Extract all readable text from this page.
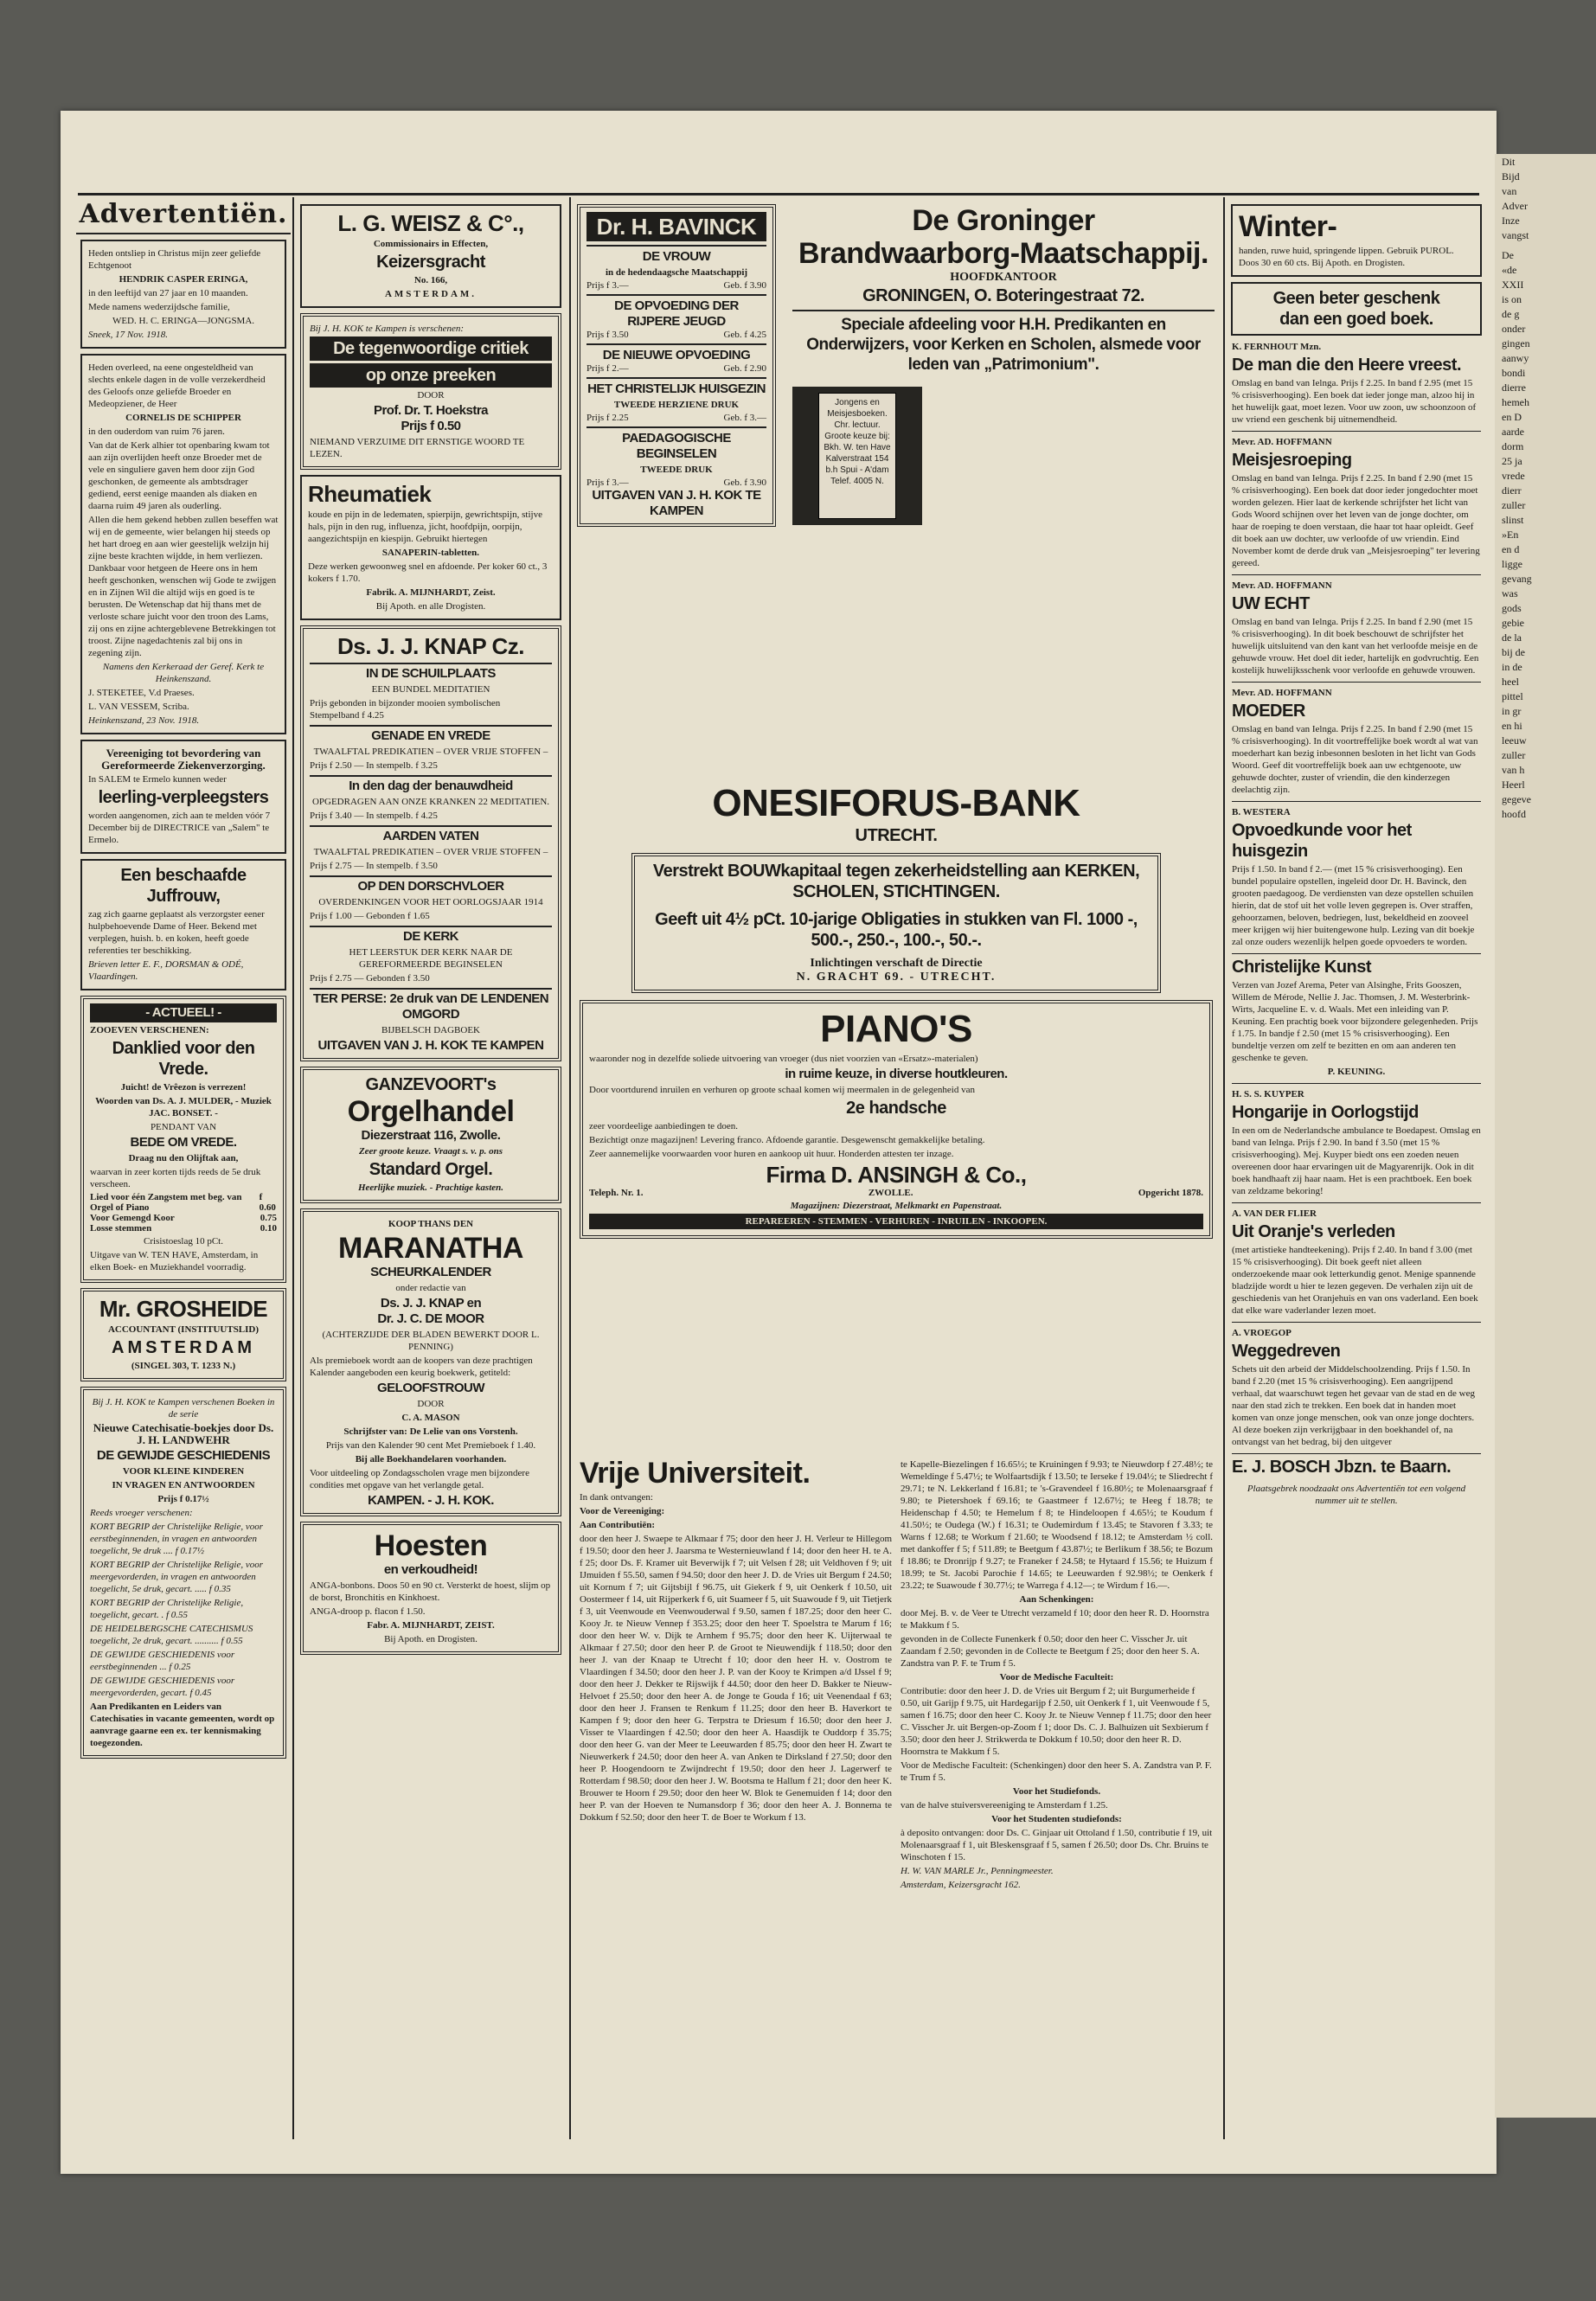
Advertentiën.
Heden ontsliep in Christus mijn zeer geliefde Echtgenoot
HENDRIK CASPER ERINGA,
in den leeftijd van 27 jaar en 10 maanden.
Mede namens wederzijdsche familie,
WED. H. C. ERINGA—JONGSMA.
Sneek, 17 Nov. 1918.
Heden overleed, na eene ongesteldheid van slechts enkele dagen in de volle verzekerdheid des Geloofs onze geliefde Broeder en Medeopziener, de Heer
CORNELIS DE SCHIPPER
in den ouderdom van ruim 76 jaren.
Van dat de Kerk alhier tot openbaring kwam tot aan zijn overlijden heeft onze Broeder met de vele en singuliere gaven hem door zijn God geschonken, de gemeente als ambtsdrager gediend, eerst eenige maanden als diaken en daarna ruim 49 jaren als ouderling.
Allen die hem gekend hebben zullen beseffen wat wij en de gemeente, wier belangen hij steeds op het hart droeg en aan wier geestelijk welzijn hij zijne beste krachten wijdde, in hem verliezen. Dankbaar voor hetgeen de Heere ons in hem heeft geschonken, wenschen wij Gode te zwijgen en in Zijnen Wil die altijd wijs en goed is te berusten. De Wetenschap dat hij thans met de verloste schare juicht voor den troon des Lams, zij ons en zijne achtergeblevene Betrekkingen tot troost. Zijne nagedachtenis zal bij ons in zegening zijn.
Namens den Kerkeraad der Geref. Kerk te Heinkenszand.
J. STEKETEE, V.d Praeses.
L. VAN VESSEM, Scriba.
Heinkenszand, 23 Nov. 1918.
Vereeniging tot bevordering van Gereformeerde Ziekenverzorging.
In SALEM te Ermelo kunnen weder
leerling-verpleegsters
worden aangenomen, zich aan te melden vóór 7 December bij de DIRECTRICE van „Salem" te Ermelo.
Een beschaafde Juffrouw,
zag zich gaarne geplaatst als verzorgster eener hulpbehoevende Dame of Heer. Bekend met verplegen, huish. b. en koken, heeft goede referenties ter beschikking.
Brieven letter E. F., DORSMAN & ODÉ, Vlaardingen.
- ACTUEEL! -
ZOOEVEN VERSCHENEN:
Danklied voor den Vrede.
Juicht! de Vrêezon is verrezen!
Woorden van Ds. A. J. MULDER, - Muziek JAC. BONSET. -
PENDANT VAN
BEDE OM VREDE.
Draag nu den Olijftak aan,
waarvan in zeer korten tijds reeds de 5e druk verscheen.
Lied voor één Zangstem met beg. van Orgel of Piano
f 0.60
Voor Gemengd Koor	0.75
Losse stemmen	0.10
Crisistoeslag 10 pCt.
Uitgave van W. TEN HAVE, Amsterdam, in elken Boek- en Muziekhandel voorradig.
Mr. GROSHEIDE
ACCOUNTANT (INSTITUUTSLID)
AMSTERDAM
(SINGEL 303, T. 1233 N.)
Bij J. H. KOK te Kampen verschenen Boeken in de serie
Nieuwe Catechisatie-boekjes door Ds. J. H. LANDWEHR
DE GEWIJDE GESCHIEDENIS
VOOR KLEINE KINDEREN
IN VRAGEN EN ANTWOORDEN
Prijs f 0.17½
Reeds vroeger verschenen:
KORT BEGRIP der Christelijke Religie, voor eerstbeginnenden, in vragen en antwoorden toegelicht, 9e druk .... f 0.17½
KORT BEGRIP der Christelijke Religie, voor meergevorderden, in vragen en antwoorden toegelicht, 5e druk, gecart. ..... f 0.35
KORT BEGRIP der Christelijke Religie, toegelicht, gecart. . f 0.55
DE HEIDELBERGSCHE CATECHISMUS toegelicht, 2e druk, gecart. .......... f 0.55
DE GEWIJDE GESCHIEDENIS voor eerstbeginnenden ... f 0.25
DE GEWIJDE GESCHIEDENIS voor meergevorderden, gecart. f 0.45
Aan Predikanten en Leiders van Catechisaties in vacante gemeenten, wordt op aanvrage gaarne een ex. ter kennismaking toegezonden.
L. G. WEISZ & C°.,
Commissionairs in Effecten,
Keizersgracht
No. 166,
AMSTERDAM.
Bij J. H. KOK te Kampen is verschenen:
De tegenwoordige critiek
op onze preeken
DOOR
Prof. Dr. T. Hoekstra
Prijs f 0.50
NIEMAND VERZUIME DIT ERNSTIGE WOORD TE LEZEN.
Rheumatiek
koude en pijn in de ledematen, spierpijn, gewrichtspijn, stijve hals, pijn in den rug, influenza, jicht, hoofdpijn, oorpijn, aangezichtspijn en kiespijn. Gebruikt hiertegen
SANAPERIN-tabletten.
Deze werken gewoonweg snel en afdoende. Per koker 60 ct., 3 kokers f 1.70.
Fabrik. A. MIJNHARDT, Zeist.
Bij Apoth. en alle Drogisten.
Ds. J. J. KNAP Cz.
IN DE SCHUILPLAATS
EEN BUNDEL MEDITATIEN
Prijs gebonden in bijzonder mooien symbolischen Stempelband f 4.25
GENADE EN VREDE
TWAALFTAL PREDIKATIEN – OVER VRIJE STOFFEN –
Prijs f 2.50 — In stempelb. f 3.25
In den dag der benauwdheid
OPGEDRAGEN AAN ONZE KRANKEN 22 MEDITATIEN.
Prijs f 3.40 — In stempelb. f 4.25
AARDEN VATEN
TWAALFTAL PREDIKATIEN – OVER VRIJE STOFFEN –
Prijs f 2.75 — In stempelb. f 3.50
OP DEN DORSCHVLOER
OVERDENKINGEN VOOR HET OORLOGSJAAR 1914
Prijs f 1.00 — Gebonden f 1.65
DE KERK
HET LEERSTUK DER KERK NAAR DE GEREFORMEERDE BEGINSELEN
Prijs f 2.75 — Gebonden f 3.50
TER PERSE: 2e druk van DE LENDENEN OMGORD
BIJBELSCH DAGBOEK
UITGAVEN VAN J. H. KOK TE KAMPEN
GANZEVOORT's
Orgelhandel
Diezerstraat 116, Zwolle.
Zeer groote keuze. Vraagt s. v. p. ons
Standard Orgel.
Heerlijke muziek. - Prachtige kasten.
KOOP THANS DEN
MARANATHA
SCHEURKALENDER
onder redactie van
Ds. J. J. KNAP en
Dr. J. C. DE MOOR
(ACHTERZIJDE DER BLADEN BEWERKT DOOR L. PENNING)
Als premieboek wordt aan de koopers van deze prachtigen Kalender aangeboden een keurig boekwerk, getiteld:
GELOOFSTROUW
DOOR
C. A. MASON
Schrijfster van: De Lelie van ons Vorstenh.
Prijs van den Kalender 90 cent Met Premieboek f 1.40.
Bij alle Boekhandelaren voorhanden.
Voor uitdeeling op Zondagsscholen vrage men bijzondere condities met opgave van het verlangde getal.
KAMPEN. - J. H. KOK.
Hoesten
en verkoudheid!
ANGA-bonbons. Doos 50 en 90 ct. Versterkt de hoest, slijm op de borst, Bronchitis en Kinkhoest.
ANGA-droop p. flacon f 1.50.
Fabr. A. MIJNHARDT, ZEIST.
Bij Apoth. en Drogisten.
Dr. H. BAVINCK
DE VROUW
in de hedendaagsche Maatschappij
Prijs f 3.—	Geb. f 3.90
DE OPVOEDING DER RIJPERE JEUGD
Prijs f 3.50	Geb. f 4.25
DE NIEUWE OPVOEDING
Prijs f 2.—	Geb. f 2.90
HET CHRISTELIJK HUISGEZIN
TWEEDE HERZIENE DRUK
Prijs f 2.25	Geb. f 3.—
PAEDAGOGISCHE BEGINSELEN
TWEEDE DRUK
Prijs f 3.—	Geb. f 3.90
UITGAVEN VAN J. H. KOK TE KAMPEN
De Groninger
Brandwaarborg-Maatschappij.
HOOFDKANTOOR
GRONINGEN, O. Boteringestraat 72.
Speciale afdeeling voor H.H. Predikanten en Onderwijzers, voor Kerken en Scholen, alsmede voor leden van „Patrimonium".
Jongens en Meisjesboeken. Chr. lectuur. Groote keuze bij: Bkh. W. ten Have Kalverstraat 154 b.h Spui - A'dam Telef. 4005 N.
Winter-
handen, ruwe huid, springende lippen. Gebruik PUROL. Doos 30 en 60 cts. Bij Apoth. en Drogisten.
Geen beter geschenk
dan een goed boek.
K. FERNHOUT Mzn.
De man die den Heere vreest.
Omslag en band van Ielnga. Prijs f 2.25. In band f 2.95 (met 15 % crisisverhooging). Een boek dat ieder jonge man, alzoo hij in het huwelijk gaat, moet lezen. Voor uw zoon, uw schoonzoon of uw vriend een geschenk bij uitnemendheid.
Mevr. AD. HOFFMANN
Meisjesroeping
Omslag en band van Ielnga. Prijs f 2.25. In band f 2.90 (met 15 % crisisverhooging). Een boek dat door ieder jongedochter moet worden gelezen. Hier laat de kerkende schrijfster het licht van Gods Woord schijnen over het leven van de jonge dochter, om haar de roeping te doen verstaan, die haar tot haar opleidt. Geef dit boek aan uw dochter, uw verloofde of uw vriendin. Eind November komt de derde druk van „Meisjesroeping" ter levering gereed.
Mevr. AD. HOFFMANN
UW ECHT
Omslag en band van Ielnga. Prijs f 2.25. In band f 2.90 (met 15 % crisisverhooging). In dit boek beschouwt de schrijfster het huwelijk uitsluitend van den kant van het verloofde meisje en de gehuwde vrouw. Het doel dit ieder, hartelijk en godvruchtig. Een kostelijk huwelijksschenk voor verloofde en gehuwde vrouwen.
Mevr. AD. HOFFMANN
MOEDER
Omslag en band van Ielnga. Prijs f 2.25. In band f 2.90 (met 15 % crisisverhooging). In dit voortreffelijke boek wordt al wat van moederhart kan bezig inbesonnen besloten in het licht van Gods Woord. Geef dit voortreffelijk boek aan uw echtgenoote, uw gehuwde dochter, zuster of vriendin, die den kinderzegen deelachtig zijn.
B. WESTERA
Opvoedkunde voor het huisgezin
Prijs f 1.50. In band f 2.— (met 15 % crisisverhooging). Een bundel populaire opstellen, ingeleid door Dr. H. Bavinck, den grooten paedagoog. De verdiensten van deze opstellen schuilen hierin, dat de stof uit het volle leven gegrepen is. Over straffen, gehoorzamen, beloven, bedriegen, lust, bekeldheid en zooveel meer krijgen wij hier buitengewone hulp. Lezing van dit boekje zal onze ouders wezenlijk helpen goede opvoeders te worden.
Christelijke Kunst
Verzen van Jozef Arema, Peter van Alsinghe, Frits Gooszen, Willem de Mérode, Nellie J. Jac. Thomsen, J. M. Westerbrink-Wirts, Jacqueline E. v. d. Waals. Met een inleiding van P. Keuning. Een prachtig boek voor bijzondere gelegenheden. Prijs f 1.75. In bandje f 2.50 (met 15 % crisisverhooging). Een bundeltje verzen om zelf te bezitten en om aan anderen ten geschenke te geven.
P. KEUNING.
H. S. S. KUYPER
Hongarije in Oorlogstijd
In een om de Nederlandsche ambulance te Boedapest. Omslag en band van Ielnga. Prijs f 2.90. In band f 3.50 (met 15 % crisisverhooging). Mej. Kuyper biedt ons een zoeden neuen overeenen door haar ervaringen uit de Magyarenrijk. Ook in dit boek handhaaft zij haar naam. Het is een prachtboek. Een boek van zeldzame bekoring!
A. VAN DER FLIER
Uit Oranje's verleden
(met artistieke handteekening). Prijs f 2.40. In band f 3.00 (met 15 % crisisverhooging). Dit boek geeft niet alleen onderzoekende maar ook letterkundig genot. Menige spannende bladzijde wordt u hier te lezen gegeven. De verhalen zijn uit de geschiedenis van het Oranjehuis en van ons vaderland. Een boek dat elke ware vaderlander lezen moet.
A. VROEGOP
Weggedreven
Schets uit den arbeid der Middelschoolzending. Prijs f 1.50. In band f 2.20 (met 15 % crisisverhooging). Een aangrijpend verhaal, dat waarschuwt tegen het gevaar van de stad en de weg naar den stad zich te trekken. Een boek dat in handen moet komen van onze jonge menschen, ook van onze jonge dochters. Al deze boeken zijn verkrijgbaar in den boekhandel of, na ontvangst van het bedrag, bij den uitgever
E. J. BOSCH Jbzn. te Baarn.
Plaatsgebrek noodzaakt ons Advertentiën tot een volgend nummer uit te stellen.
ONESIFORUS-BANK
UTRECHT.
Verstrekt BOUWkapitaal tegen zekerheidstelling aan KERKEN, SCHOLEN, STICHTINGEN.
Geeft uit 4½ pCt. 10-jarige Obligaties in stukken van Fl. 1000 -, 500.-, 250.-, 100.-, 50.-.
Inlichtingen verschaft de Directie
N. GRACHT 69. - UTRECHT.
PIANO'S
waaronder nog in dezelfde soliede uitvoering van vroeger (dus niet voorzien van «Ersatz»-materialen)
in ruime keuze, in diverse houtkleuren.
Door voortdurend inruilen en verhuren op groote schaal komen wij meermalen in de gelegenheid van
2e handsche
zeer voordeelige aanbiedingen te doen.
Bezichtigt onze magazijnen! Levering franco. Afdoende garantie. Desgewenscht gemakkelijke betaling.
Zeer aannemelijke voorwaarden voor huren en aankoop uit huur. Honderden attesten ter inzage.
Firma D. ANSINGH & Co.,
Teleph. Nr. 1.	ZWOLLE.	Opgericht 1878.
Magazijnen: Diezerstraat, Melkmarkt en Papenstraat.
REPAREEREN - STEMMEN - VERHUREN - INRUILEN - INKOOPEN.
Vrije Universiteit.
In dank ontvangen:
Voor de Vereeniging:
Aan Contributiën:
door den heer J. Swaepe te Alkmaar f 75; door den heer J. H. Verleur te Hillegom f 19.50; door den heer J. Jaarsma te Westernieuwland f 14; door den heer H. te A. f 25; door Ds. F. Kramer uit Beverwijk f 7; uit Velsen f 28; uit Veldhoven f 9; uit IJmuiden f 55.50, samen f 94.50; door den heer J. D. de Vries uit Bergum f 24.50; uit Kornum f 7; uit Gijtsbijl f 96.75, uit Giekerk f 9, uit Oenkerk f 10.50, uit Oostermeer f 14, uit Rijperkerk f 6, uit Suameer f 5, uit Suawoude f 9, uit Tietjerk f 3, uit Veenwoude en Veenwouderwal f 9.50, samen f 187.25; door den heer C. Kooy Jr. te Nieuw Vennep f 353.25; door den heer T. Spoelstra te Marum f 16; door den heer W. v. Dijk te Arnhem f 95.75; door den heer K. Uijterwaal te Alkmaar f 27.50; door den heer P. de Groot te Nieuwendijk f 118.50; door den heer J. van der Knaap te Utrecht f 10; door den heer H. v. Oostrom te Vlaardingen f 34.50; door den heer J. P. van der Kooy te Krimpen a/d IJssel f 9; door den heer J. Dekker te Rijswijk f 44.50; door den heer D. Bakker te Nieuw-Helvoet f 25.50; door den heer A. de Jonge te Gouda f 16; uit Veenendaal f 63; door den heer J. Fransen te Renkum f 11.25; door den heer B. Haverkort te Kampen f 9; door den heer G. Terpstra te Driesum f 16.50; door den heer J. Visser te Vlaardingen f 42.50; door den heer A. Haasdijk te Ouddorp f 35.75; door den heer G. van der Meer te Leeuwarden f 85.75; door den heer H. Zwart te Nieuwerkerk f 24.50; door den heer A. van Anken te Dirksland f 27.50; door den heer P. Hoogendoorn te Zwijndrecht f 19.50; door den heer J. Lagerwerf te Rotterdam f 98.50; door den heer J. W. Bootsma te Hallum f 21; door den heer K. Brouwer te Hoorn f 29.50; door den heer W. Blok te Genemuiden f 14; door den heer P. van der Hoeven te Numansdorp f 36; door den heer A. J. Bonnema te Dokkum f 52.50; door den heer T. de Boer te Workum f 13.
te Kapelle-Biezelingen f 16.65½; te Kruiningen f 9.93; te Nieuwdorp f 27.48½; te Wemeldinge f 5.47½; te Wolfaartsdijk f 13.50; te Ierseke f 19.04½; te Sliedrecht f 29.71; te N. Lekkerland f 16.81; te 's-Gravendeel f 16.80½; te Molenaarsgraaf f 9.80; te Pietershoek f 69.16; te Gaastmeer f 12.67½; te Heeg f 18.78; te Heidenschap f 4.50; te Hemelum f 8; te Hindeloopen f 4.65½; te Koudum f 41.50½; te Oudega (W.) f 16.31; te Oudemirdum f 13.45; te Stavoren f 3.33; te Warns f 12.68; te Workum f 21.60; te Woodsend f 18.12; te Amsterdam ½ coll. met dankoffer f 5; f 511.89; te Beetgum f 43.87½; te Berlikum f 38.56; te Bozum f 18.86; te Dronrijp f 9.27; te Franeker f 24.58; te Hytaard f 15.56; te Huizum f 18.99; te St. Jacobi Parochie f 14.65; te Leeuwarden f 92.98½; te Oenkerk f 23.22; te Suawoude f 30.77½; te Warrega f 4.12—; te Wirdum f 16.—.
Aan Schenkingen:
door Mej. B. v. de Veer te Utrecht verzameld f 10; door den heer R. D. Hoornstra te Makkum f 5.
gevonden in de Collecte Funenkerk f 0.50; door den heer C. Visscher Jr. uit Zaandam f 2.50; gevonden in de Collecte te Beetgum f 25; door den heer S. A. Zandstra van P. F. te Trum f 5.
Voor de Medische Faculteit:
Contributie: door den heer J. D. de Vries uit Bergum f 2; uit Burgumerheide f 0.50, uit Garijp f 9.75, uit Hardegarijp f 2.50, uit Oenkerk f 1, uit Veenwoude f 5, samen f 16.75; door den heer C. Kooy Jr. te Nieuw Vennep f 11.75; door den heer C. Visscher Jr. uit Bergen-op-Zoom f 1; door Ds. C. J. Balhuizen uit Sexbierum f 3.50; door den heer J. Strikwerda te Dokkum f 10.50; door den heer R. D. Hoornstra te Makkum f 5.
Voor de Medische Faculteit: (Schenkingen) door den heer S. A. Zandstra van P. F. te Trum f 5.
Voor het Studiefonds.
van de halve stuiversvereeniging te Amsterdam f 1.25.
Voor het Studenten studiefonds:
à deposito ontvangen: door Ds. C. Ginjaar uit Ottoland f 1.50, contributie f 19, uit Molenaarsgraaf f 1, uit Bleskensgraaf f 5, samen f 26.50; door Ds. Chr. Bruins te Winschoten f 15.
H. W. VAN MARLE Jr., Penningmeester.
Amsterdam, Keizersgracht 162.
Dit
Bijd
van
Adver
Inze
vangst
De
«de
XXII
is on
de g
onder
gingen
aanwy
bondi
dierre
hemeh
en D
aarde
dorm
25 ja
vrede
dierr
zuller
slinst
»En
en d
ligge
gevang
was
gods
gebie
de la
bij de
in de
heel
pittel
in gr
en hi
leeuw
zuller
van h
Heerl
gegeve
hoofd
